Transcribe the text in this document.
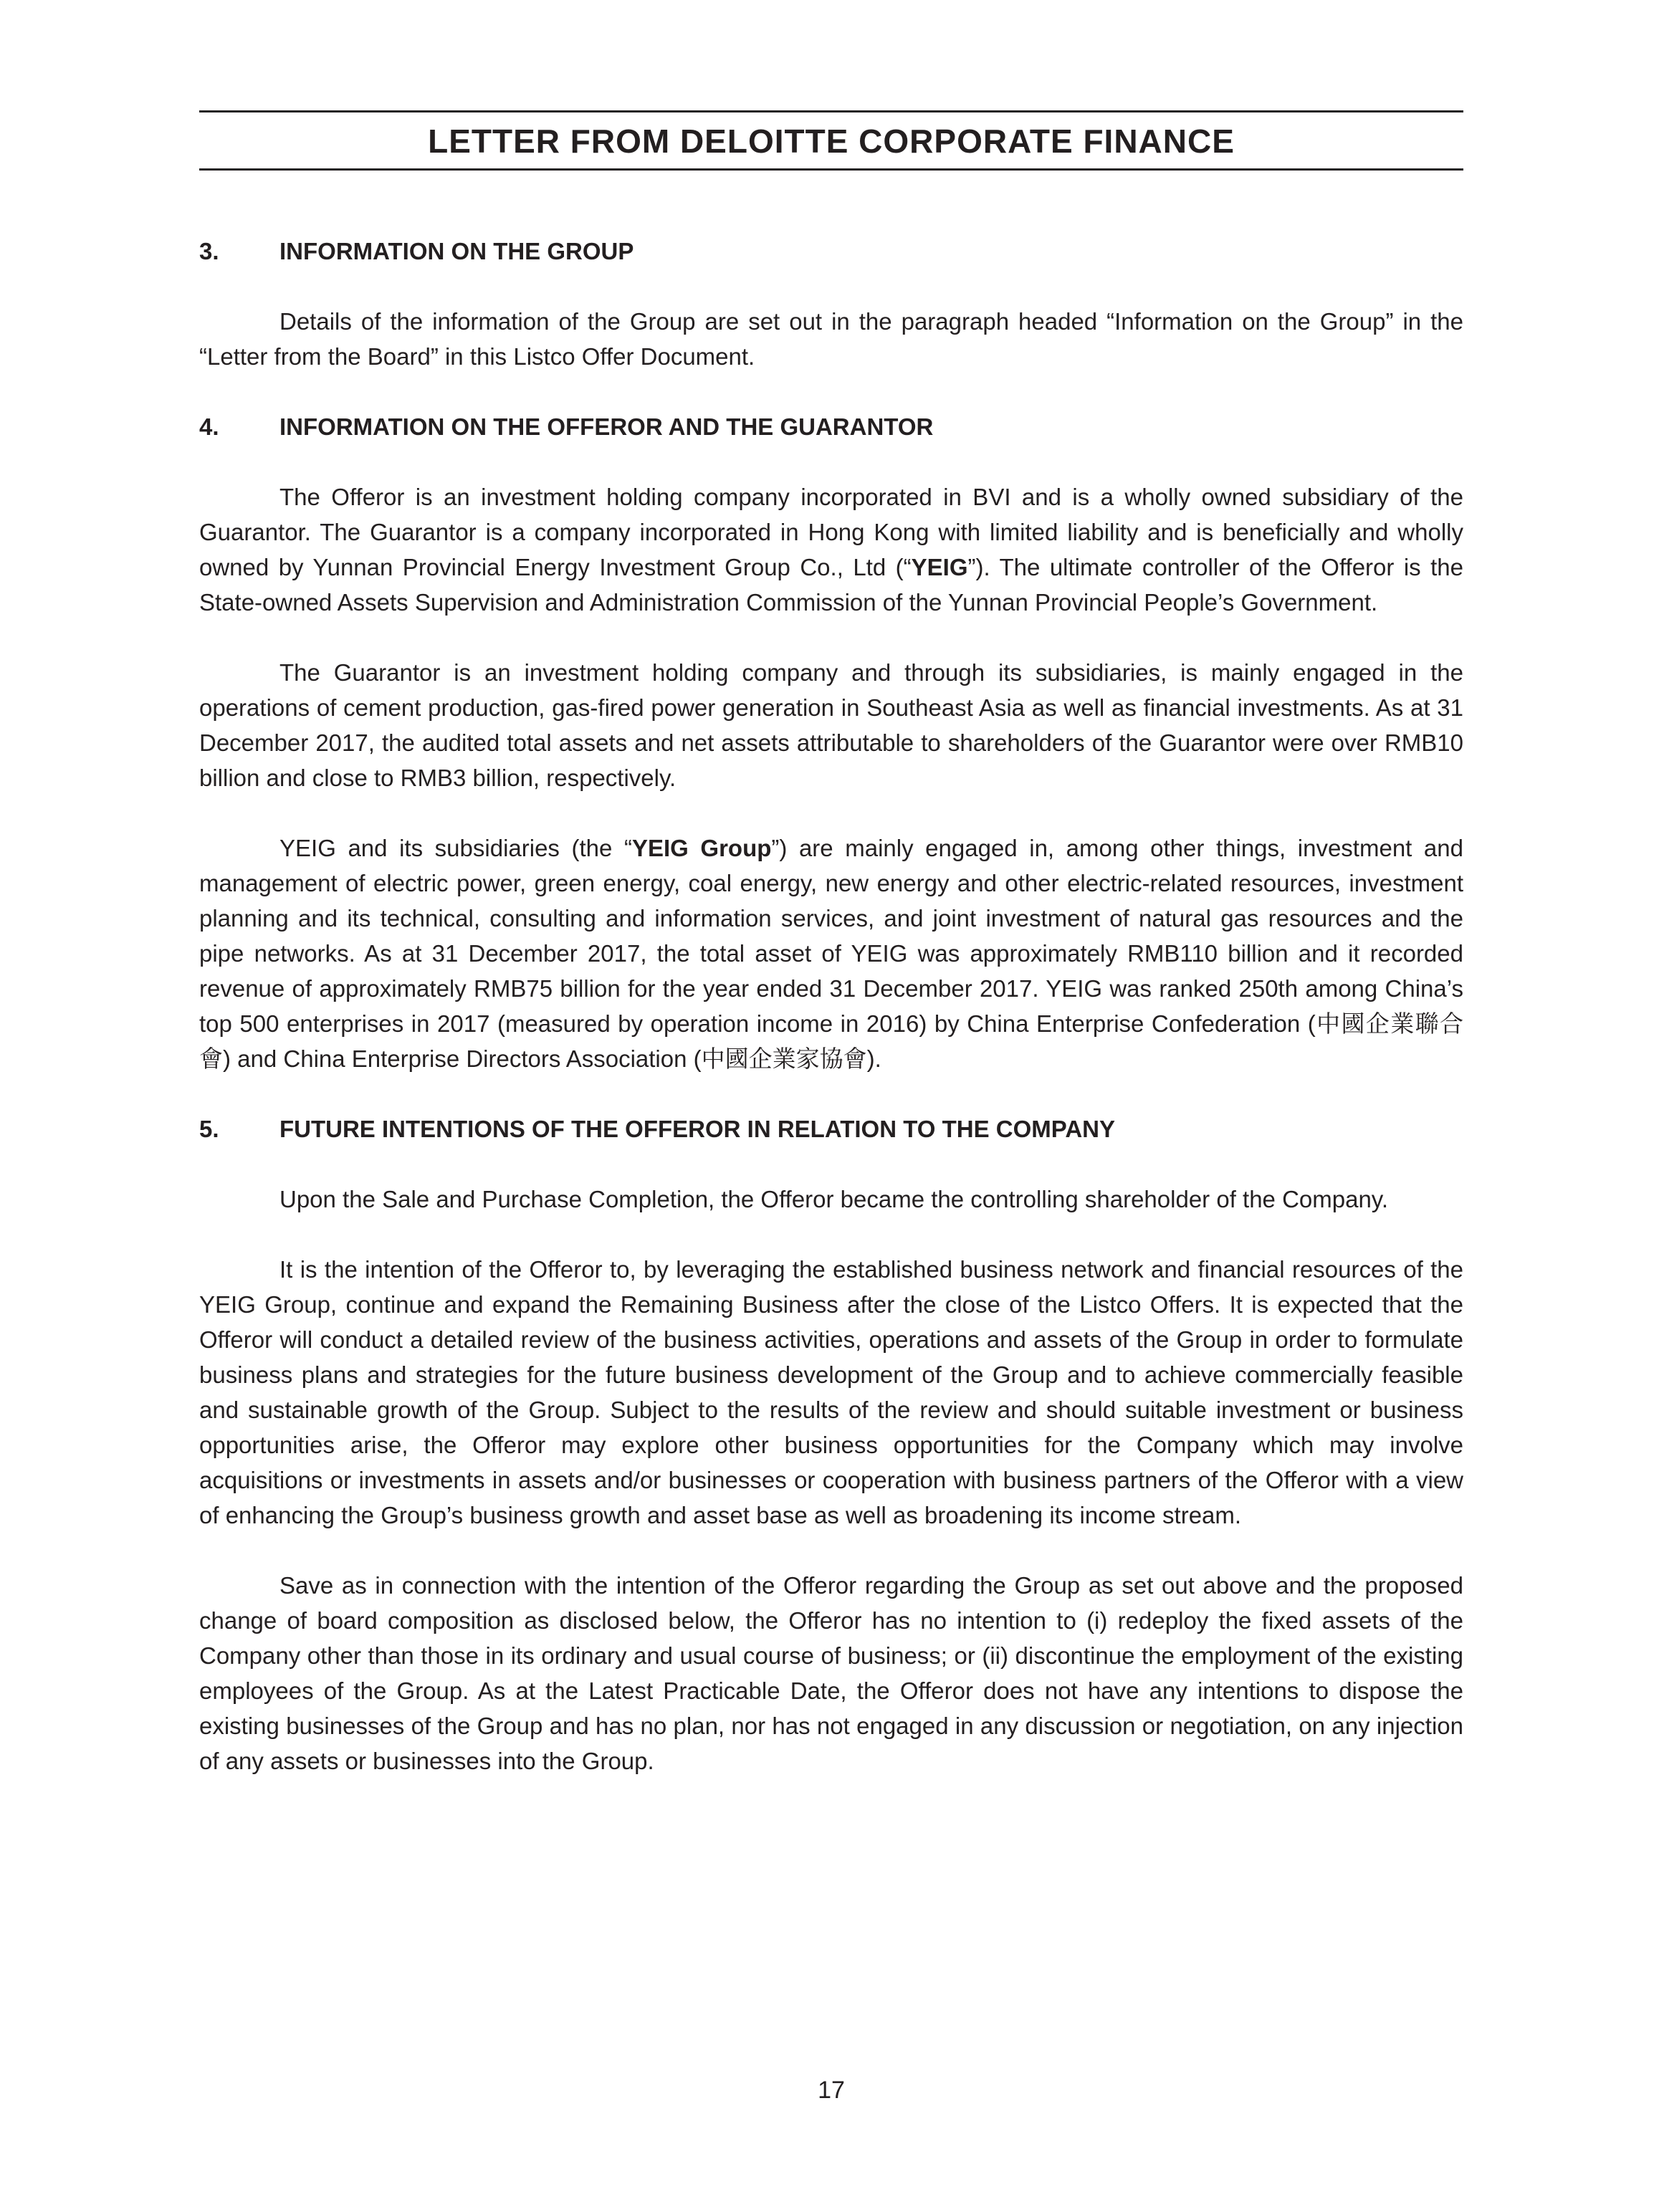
LETTER FROM DELOITTE CORPORATE FINANCE
3.	INFORMATION ON THE GROUP

Details of the information of the Group are set out in the paragraph headed “Information on the Group” in the “Letter from the Board” in this Listco Offer Document.

4.	INFORMATION ON THE OFFEROR AND THE GUARANTOR

The Offeror is an investment holding company incorporated in BVI and is a wholly owned subsidiary of the Guarantor. The Guarantor is a company incorporated in Hong Kong with limited liability and is beneficially and wholly owned by Yunnan Provincial Energy Investment Group Co., Ltd (“YEIG”). The ultimate controller of the Offeror is the State-owned Assets Supervision and Administration Commission of the Yunnan Provincial People’s Government.

The Guarantor is an investment holding company and through its subsidiaries, is mainly engaged in the operations of cement production, gas-fired power generation in Southeast Asia as well as financial investments. As at 31 December 2017, the audited total assets and net assets attributable to shareholders of the Guarantor were over RMB10 billion and close to RMB3 billion, respectively.

YEIG and its subsidiaries (the “YEIG Group”) are mainly engaged in, among other things, investment and management of electric power, green energy, coal energy, new energy and other electric-related resources, investment planning and its technical, consulting and information services, and joint investment of natural gas resources and the pipe networks. As at 31 December 2017, the total asset of YEIG was approximately RMB110 billion and it recorded revenue of approximately RMB75 billion for the year ended 31 December 2017. YEIG was ranked 250th among China’s top 500 enterprises in 2017 (measured by operation income in 2016) by China Enterprise Confederation (中國企業聯合會) and China Enterprise Directors Association (中國企業家協會).

5.	FUTURE INTENTIONS OF THE OFFEROR IN RELATION TO THE COMPANY

Upon the Sale and Purchase Completion, the Offeror became the controlling shareholder of the Company.

It is the intention of the Offeror to, by leveraging the established business network and financial resources of the YEIG Group, continue and expand the Remaining Business after the close of the Listco Offers. It is expected that the Offeror will conduct a detailed review of the business activities, operations and assets of the Group in order to formulate business plans and strategies for the future business development of the Group and to achieve commercially feasible and sustainable growth of the Group. Subject to the results of the review and should suitable investment or business opportunities arise, the Offeror may explore other business opportunities for the Company which may involve acquisitions or investments in assets and/or businesses or cooperation with business partners of the Offeror with a view of enhancing the Group’s business growth and asset base as well as broadening its income stream.

Save as in connection with the intention of the Offeror regarding the Group as set out above and the proposed change of board composition as disclosed below, the Offeror has no intention to (i) redeploy the fixed assets of the Company other than those in its ordinary and usual course of business; or (ii) discontinue the employment of the existing employees of the Group. As at the Latest Practicable Date, the Offeror does not have any intentions to dispose the existing businesses of the Group and has no plan, nor has not engaged in any discussion or negotiation, on any injection of any assets or businesses into the Group.

17
